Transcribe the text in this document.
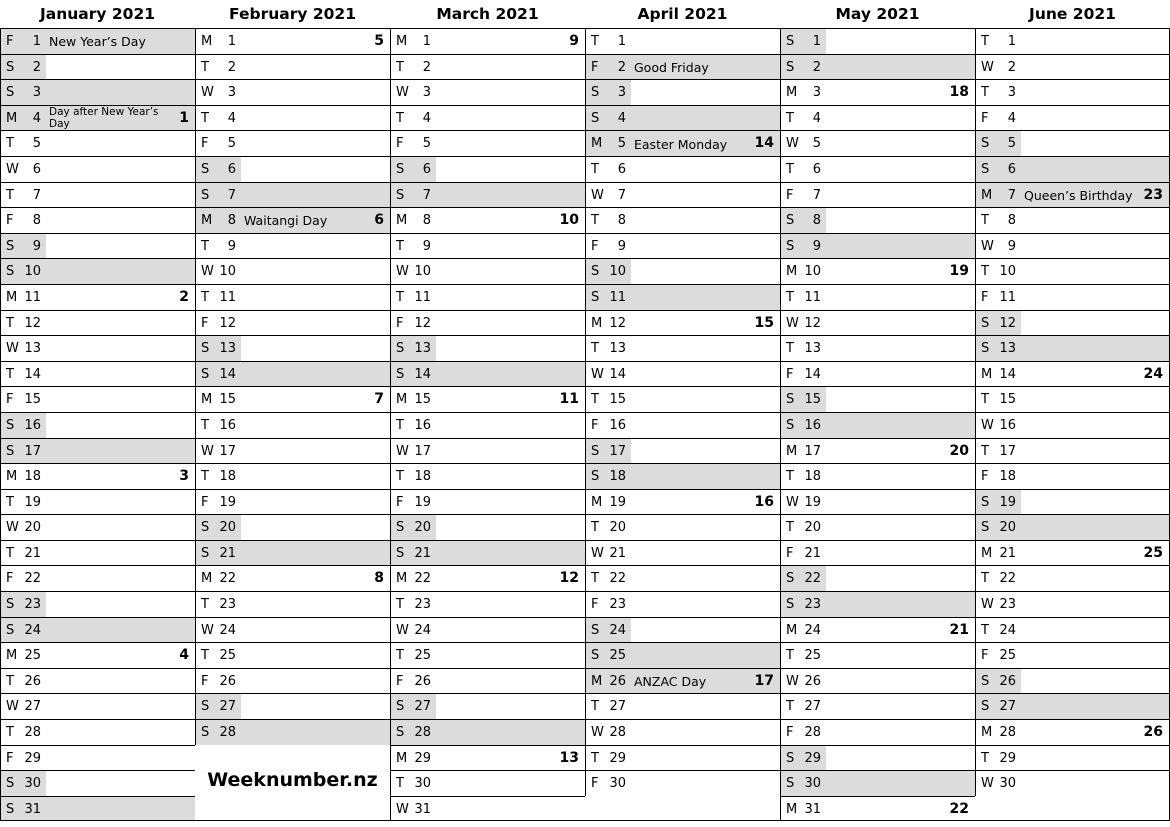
January 2021	February 2021	March 2021	April 2021	May 2021	June 2021
F	1 New Year’s Day
S	2
S	3
M	4 Day after New Year’s Day	1
T	5
W	6
T	7
F	8
S	9
S 10
M 11	2
T 12
W 13
T 14
F 15
S 16
S 17
M 18	3
T 19
W 20
T 21
F 22
S 23
S 24
M 25	4
T 26
W 27
T 28
F 29
S 30
S 31
M	1	5
T	2
W	3
T	4
F	5
S	6
S	7
M	8 Waitangi Day	6
T	9
W 10
T 11
F 12
S 13
S 14
M 15	7
T 16
W 17
T 18
F 19
S 20
S 21
M 22	8
T 23
W 24
T 25
F 26
S 27
S 28
M	1	9
T	2
W	3
T	4
F	5
S	6
S	7
M	8	10
T	9
W 10
T 11
F 12
S 13
S 14
M 15	11
T 16
W 17
T 18
F 19
S 20
S 21
M 22	12
T 23
W 24
T 25
F 26
S 27
S 28
M 29	13
T 30
W 31
T	1
F	2 Good Friday
S	3
S	4
M	5 Easter Monday	14
T	6
W	7
T	8
F	9
S 10
S 11
M 12	15
T 13
W 14
T 15
F 16
S 17
S 18
M 19	16
T 20
W 21
T 22
F 23
S 24
S 25
M 26 ANZAC Day	17
T 27
W 28
T 29
F 30
S	1
S	2
M	3	18
T	4
W	5
T	6
F	7
S	8
S	9
M 10	19
T 11
W 12
T 13
F 14
S 15
S 16
M 17	20
T 18
W 19
T 20
F 21
S 22
S 23
M 24	21
T 25
W 26
T 27
F 28
S 29
S 30
M 31	22
T	1
W	2
T	3
F	4
S	5
S	6
M	7 Queen’s Birthday 23
T	8
W	9
T 10
F 11
S 12
S 13
M 14	24
T 15
W 16
T 17
F 18
S 19
S 20
M 21	25
T 22
W 23
T 24
F 25
S 26
S 27
M 28	26
T 29
W 30
Weeknumber.nz
